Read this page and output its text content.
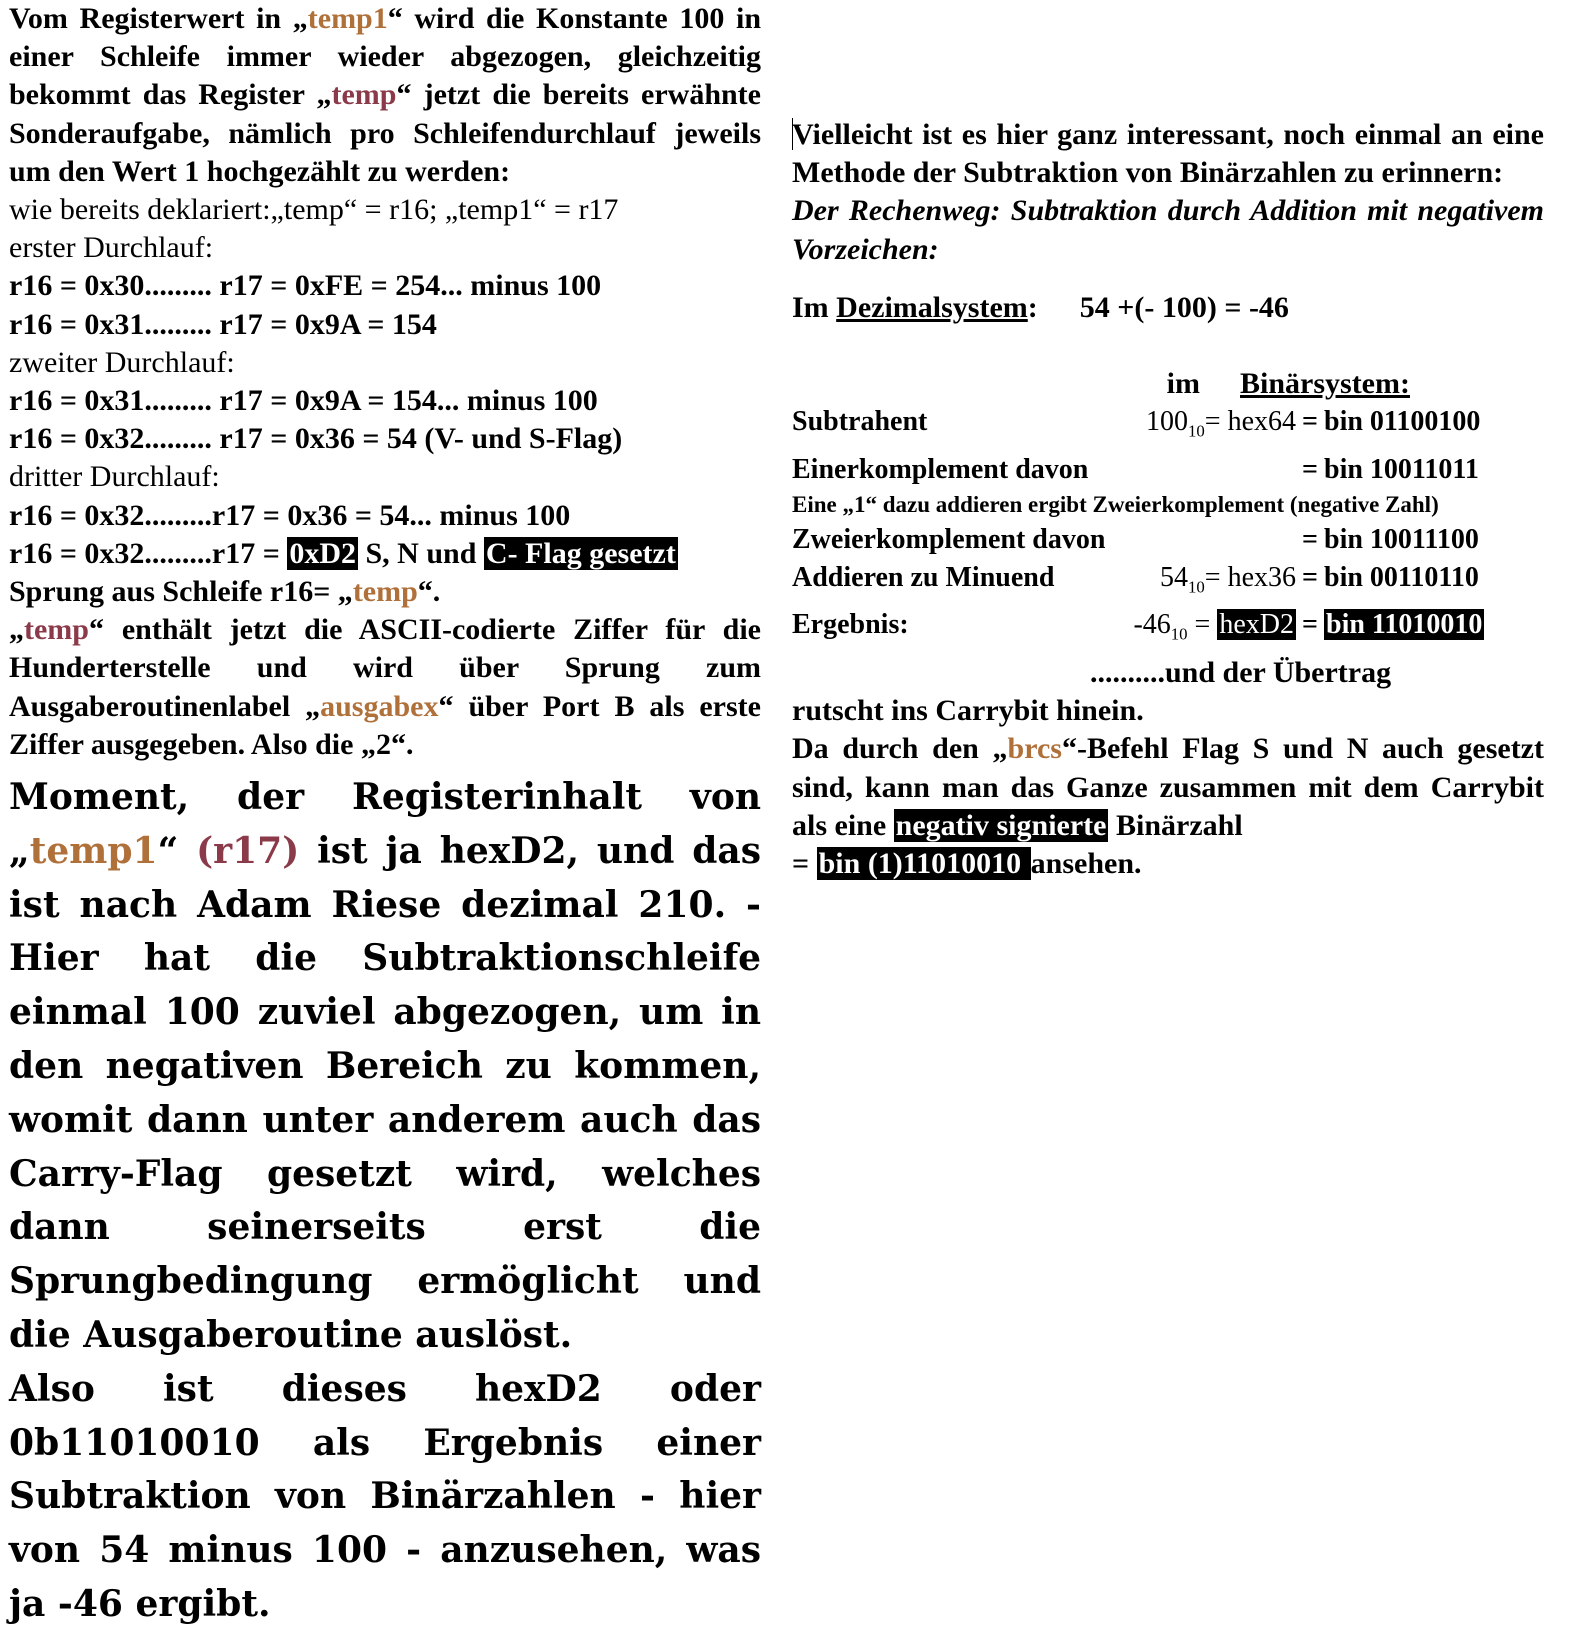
Vom Registerwert in „temp1“ wird die Konstante 100 in einer Schleife immer wieder abgezogen, gleichzeitig bekommt das Register „temp“ jetzt die bereits erwähnte Sonderaufgabe, nämlich pro Schleifendurchlauf jeweils um den Wert 1 hochgezählt zu werden:

wie bereits deklariert:„temp“ = r16; „temp1“ = r17
erster Durchlauf:
r16 = 0x30......... r17 = 0xFE = 254... minus 100
r16 = 0x31......... r17 = 0x9A = 154
zweiter Durchlauf:
r16 = 0x31......... r17 = 0x9A = 154... minus 100
r16 = 0x32......... r17 = 0x36 = 54 (V- und S-Flag)
dritter Durchlauf:
r16 = 0x32.........r17 = 0x36 = 54... minus 100
r16 = 0x32.........r17 = 0xD2 S, N und C- Flag gesetzt
Sprung aus Schleife r16= „temp“.

„temp“ enthält jetzt die ASCII-codierte Ziffer für die Hunderterstelle und wird über Sprung zum Ausgaberoutinenlabel „ausgabex“ über Port B als erste Ziffer ausgegeben. Also die „2“.

Moment, der Registerinhalt von „temp1“ (r17) ist ja hexD2, und das ist nach Adam Riese dezimal 210. - Hier hat die Subtraktionschleife einmal 100 zuviel abgezogen, um in den negativen Bereich zu kommen, womit dann unter anderem auch das Carry-Flag gesetzt wird, welches dann seinerseits erst die Sprungbedingung ermöglicht und die Ausgaberoutine auslöst.

Also ist dieses hexD2 oder 0b11010010 als Ergebnis einer Subtraktion von Binärzahlen - hier von 54 minus 100 - anzusehen, was ja -46 ergibt.

Vielleicht ist es hier ganz interessant, noch einmal an eine Methode der Subtraktion von Binärzahlen zu erinnern:

Der Rechenweg: Subtraktion durch Addition mit negativem Vorzeichen:

Im Dezimalsystem: 54 +(- 100) = -46
im Binärsystem:
Subtrahent	$100_{10}= hex64$ = bin 01100100
Einerkomplement davon	= bin 10011011
Eine „1“ dazu addieren ergibt Zweierkomplement (negative Zahl)
Zweierkomplement davon	= bin 10011100
Addieren zu Minuend	$54_{10}= hex36$ = bin 00110110
Ergebnis:	$-46_{10}$ = hexD2 = bin 11010010
..........und der Übertrag
rutscht ins Carrybit hinein.

Da durch den „brcs“-Befehl Flag S und N auch gesetzt sind, kann man das Ganze zusammen mit dem Carrybit als eine negativ signierte Binärzahl
= bin (1)11010010 ansehen.
